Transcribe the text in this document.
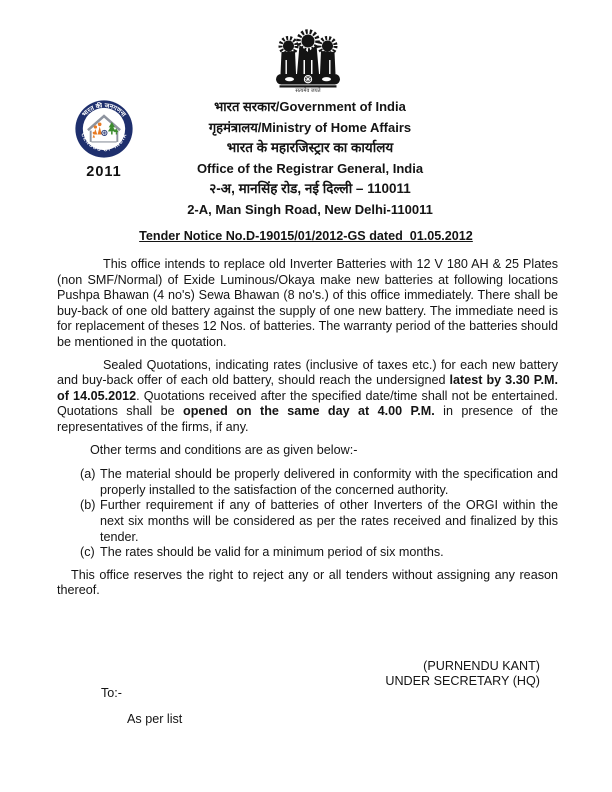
सत्यमेव जयते
भारत की जनगणना
CENSUS OF INDIA
2011
भारत सरकार/Government of India
गृहमंत्रालय/Ministry of Home Affairs
भारत के महारजिस्ट्रार का कार्यालय
Office of the Registrar General, India
२-अ, मानसिंह रोड, नई दिल्ली – 110011
2-A, Man Singh Road, New Delhi-110011
Tender Notice No.D-19015/01/2012-GS dated  01.05.2012

This office intends to replace old Inverter Batteries with 12 V 180 AH & 25 Plates (non SMF/Normal) of Exide Luminous/Okaya make new batteries at following locations Pushpa Bhawan (4 no's) Sewa Bhawan (8 no's.) of this office immediately. There shall be buy-back of one old battery against the supply of one new battery. The immediate need is for replacement of theses 12 Nos. of batteries. The warranty period of the batteries should be mentioned in the quotation.

Sealed Quotations, indicating rates (inclusive of taxes etc.) for each new battery and buy-back offer of each old battery, should reach the undersigned latest by 3.30 P.M. of 14.05.2012. Quotations received after the specified date/time shall not be entertained. Quotations shall be opened on the same day at 4.00 P.M. in presence of the representatives of the firms, if any.

Other terms and conditions are as given below:-

(a) The material should be properly delivered in conformity with the specification and properly installed to the satisfaction of the concerned authority.
(b) Further requirement if any of batteries of other Inverters of the ORGI within the next six months will be considered as per the rates received and finalized by this tender.
(c) The rates should be valid for a minimum period of six months.

This office reserves the right to reject any or all tenders without assigning any reason thereof.

(PURNENDU KANT)
UNDER SECRETARY (HQ)
To:-
As per list
